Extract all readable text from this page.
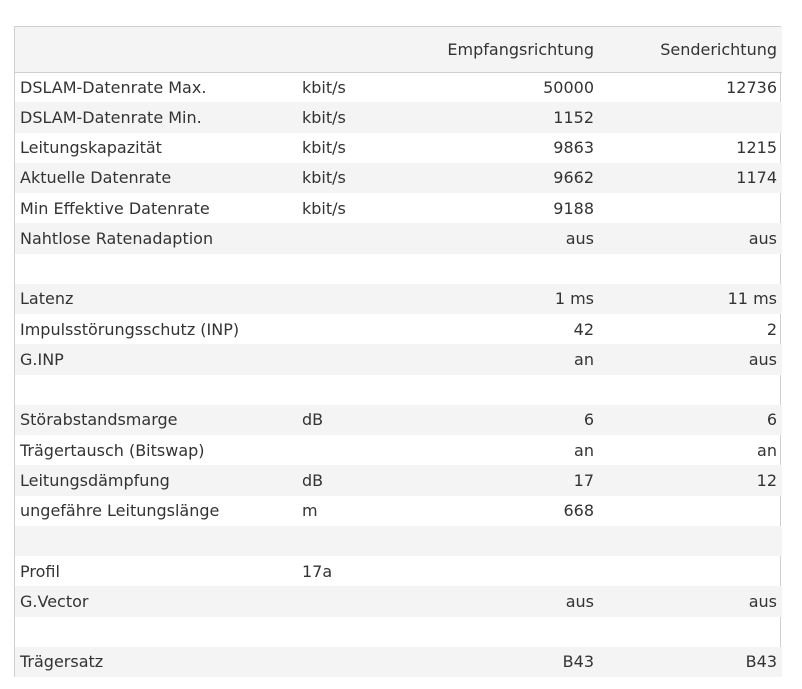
		Empfangsrichtung	Senderichtung
DSLAM-Datenrate Max.	kbit/s	50000	12736
DSLAM-Datenrate Min.	kbit/s	1152	
Leitungskapazität	kbit/s	9863	1215
Aktuelle Datenrate	kbit/s	9662	1174
Min Effektive Datenrate	kbit/s	9188	
Nahtlose Ratenadaption		aus	aus

Latenz		1 ms	11 ms
Impulsstörungsschutz (INP)		42	2
G.INP		an	aus

Störabstandsmarge	dB	6	6
Trägertausch (Bitswap)		an	an
Leitungsdämpfung	dB	17	12
ungefähre Leitungslänge	m	668	

Profil	17a		
G.Vector		aus	aus

Trägersatz		B43	B43
